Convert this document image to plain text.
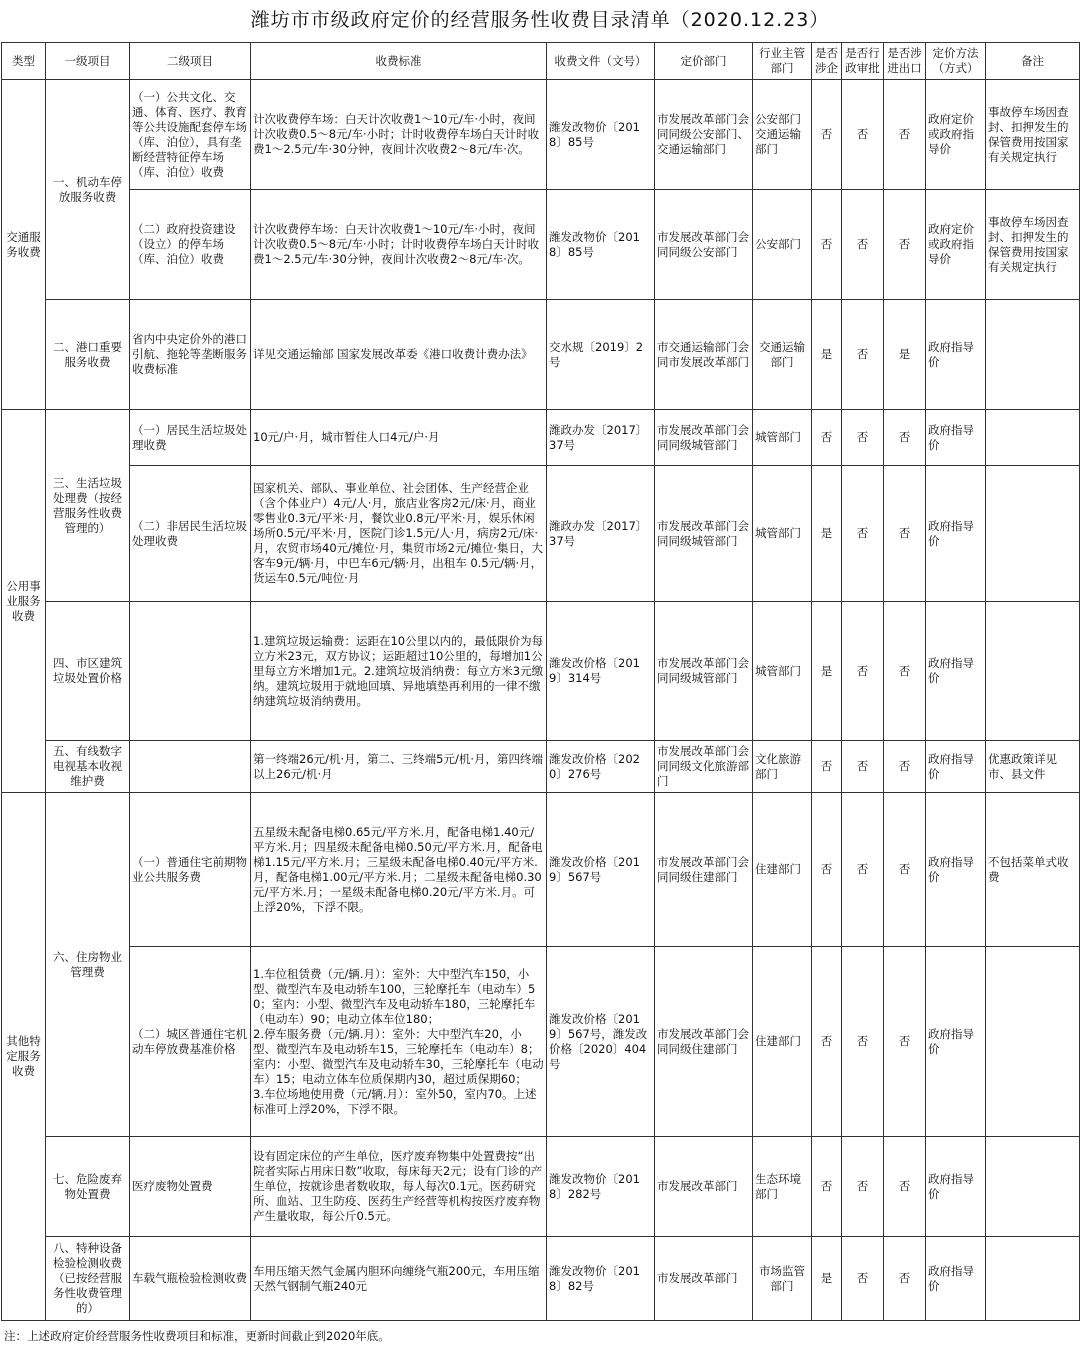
潍坊市市级政府定价的经营服务性收费目录清单（2020.12.23）
类型	一级项目	二级项目	收费标准	收费文件（文号）	定价部门	行业主管部门	是否涉企	是否行政审批	是否涉进出口	定价方法（方式）	备注
交通服务收费	一、机动车停放服务收费	（一）公共文化、交通、体育、医疗、教育等公共设施配套停车场（库、泊位），具有垄断经营特征停车场（库、泊位）收费	计次收费停车场：白天计次收费1～10元/车·小时，夜间计次收费0.5～8元/车·小时；计时收费停车场白天计时收费1～2.5元/车·30分钟，夜间计次收费2～8元/车·次。	潍发改物价〔2018〕85号	市发展改革部门会同同级公安部门、交通运输部门	公安部门交通运输部门	否	否	否	政府定价或政府指导价	事故停车场因查封、扣押发生的保管费用按国家有关规定执行
		（二）政府投资建设（设立）的停车场（库、泊位）收费	计次收费停车场：白天计次收费1～10元/车·小时，夜间计次收费0.5～8元/车·小时；计时收费停车场白天计时收费1～2.5元/车·30分钟，夜间计次收费2～8元/车·次。	潍发改物价〔2018〕85号	市发展改革部门会同同级公安部门	公安部门	否	否	否	政府定价或政府指导价	事故停车场因查封、扣押发生的保管费用按国家有关规定执行
	二、港口重要服务收费	省内中央定价外的港口引航、拖轮等垄断服务收费标准	详见交通运输部 国家发展改革委《港口收费计费办法》	交水规〔2019〕2号	市交通运输部门会同市发展改革部门	交通运输部门	是	否	是	政府指导价	
公用事业服务收费	三、生活垃圾处理费（按经营服务性收费管理的）	（一）居民生活垃圾处理收费	10元/户·月，城市暂住人口4元/户·月	潍政办发〔2017〕37号	市发展改革部门会同同级城管部门	城管部门	否	否	否	政府指导价	
		（二）非居民生活垃圾处理收费	国家机关、部队、事业单位、社会团体、生产经营企业（含个体业户）4元/人·月，旅店业客房2元/床·月，商业零售业0.3元/平米·月，餐饮业0.8元/平米·月，娱乐休闲场所0.5元/平米·月，医院门诊1.5元/人·月，病房2元/床·月，农贸市场40元/摊位·月，集贸市场2元/摊位·集日，大客车9元/辆·月，中巴车6元/辆·月，出租车 0.5元/辆·月，货运车0.5元/吨位·月	潍政办发〔2017〕37号	市发展改革部门会同同级城管部门	城管部门	是	否	否	政府指导价	
	四、市区建筑垃圾处置价格		1.建筑垃圾运输费：运距在10公里以内的，最低限价为每立方米23元，双方协议；运距超过10公里的，每增加1公里每立方米增加1元。2.建筑垃圾消纳费：每立方米3元缴纳。建筑垃圾用于就地回填、异地填垫再利用的一律不缴纳建筑垃圾消纳费用。	潍发改价格〔2019〕314号	市发展改革部门会同同级城管部门	城管部门	是	否	否	政府指导价	
	五、有线数字电视基本收视维护费		第一终端26元/机·月，第二、三终端5元/机·月，第四终端以上26元/机·月	潍发改价格〔2020〕276号	市发展改革部门会同同级文化旅游部门	文化旅游部门	否	否	否	政府指导价	优惠政策详见市、县文件
其他特定服务收费	六、住房物业管理费	（一）普通住宅前期物业公共服务费	五星级未配备电梯0.65元/平方米.月，配备电梯1.40元/平方米.月；四星级未配备电梯0.50元/平方米.月，配备电梯1.15元/平方米.月；三星级未配备电梯0.40元/平方米.月，配备电梯1.00元/平方米.月；二星级未配备电梯0.30元/平方米.月；一星级未配备电梯0.20元/平方米.月。可上浮20%，下浮不限。	潍发改价格〔2019〕567号	市发展改革部门会同同级住建部门	住建部门	否	否	否	政府指导价	不包括菜单式收费
		（二）城区普通住宅机动车停放费基准价格	1.车位租赁费（元/辆.月）：室外：大中型汽车150，小型、微型汽车及电动轿车100，三轮摩托车（电动车）50；室内：小型、微型汽车及电动轿车180，三轮摩托车（电动车）90；电动立体车位180；
2.停车服务费（元/辆.月）：室外：大中型汽车20，小型、微型汽车及电动轿车15，三轮摩托车（电动车）8；室内：小型、微型汽车及电动轿车30，三轮摩托车（电动车）15；电动立体车位质保期内30，超过质保期60；
3.车位场地使用费（元/辆.月）：室外50，室内70。上述标准可上浮20%，下浮不限。	潍发改价格〔2019〕567号，潍发改价格〔2020〕404号	市发展改革部门会同同级住建部门	住建部门	否	否	否	政府指导价	
	七、危险废弃物处置费	医疗废物处置费	设有固定床位的产生单位，医疗废弃物集中处置费按“出院者实际占用床日数”收取，每床每天2元；设有门诊的产生单位，按就诊患者数收取，每人每次0.1元。医药研究所、血站、卫生防疫、医药生产经营等机构按医疗废弃物产生量收取，每公斤0.5元。	潍发改物价〔2018〕282号	市发展改革部门	生态环境部门	否	否	否	政府指导价	
	八、特种设备检验检测收费（已按经营服务性收费管理的）	车载气瓶检验检测收费	车用压缩天然气金属内胆环向缠绕气瓶200元，车用压缩天然气钢制气瓶240元	潍发改物价〔2018〕82号	市发展改革部门	市场监管部门	是	否	否	政府指导价	
注：上述政府定价经营服务性收费项目和标准，更新时间截止到2020年底。
